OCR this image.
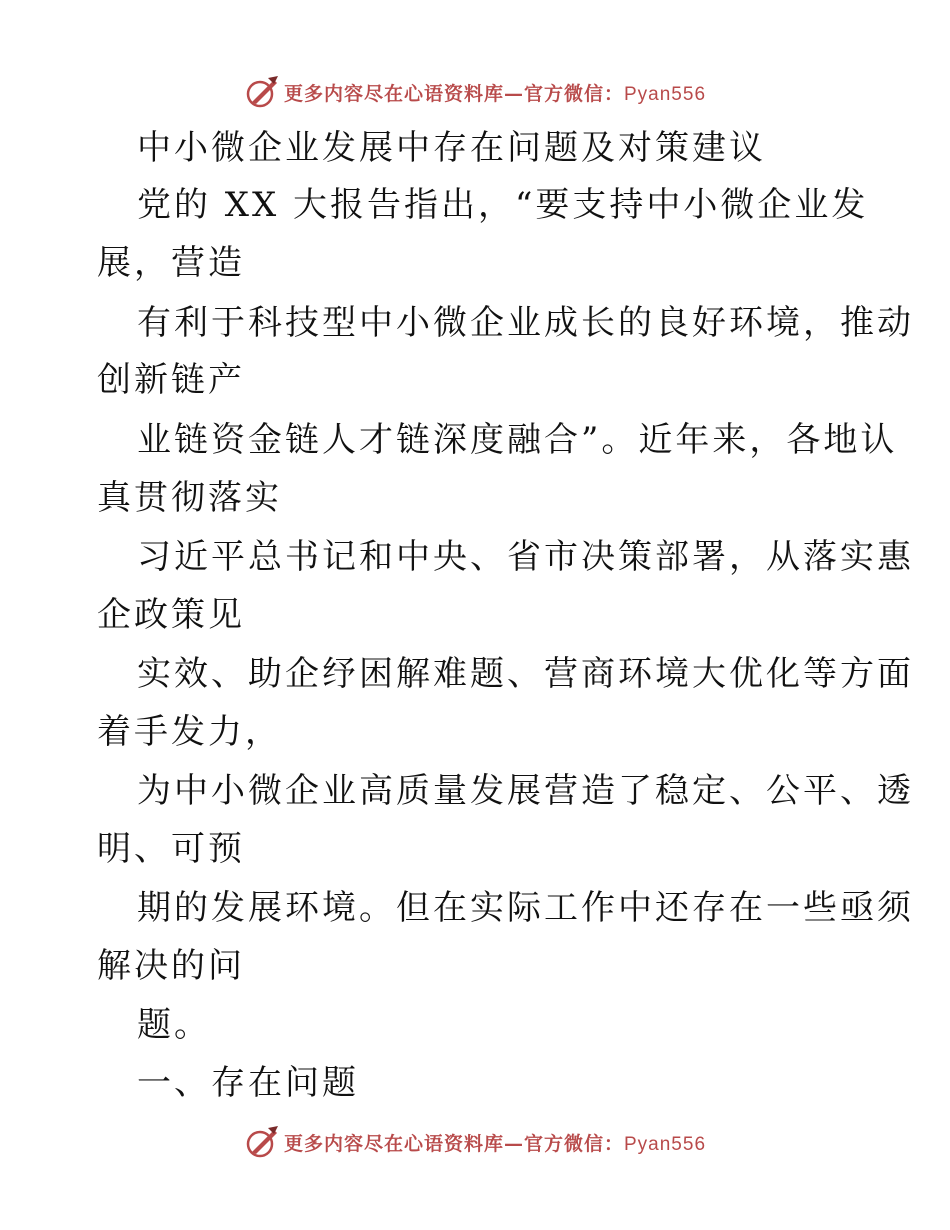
更多内容尽在心语资料库—官方微信：Pyan556
中小微企业发展中存在问题及对策建议
党的 XX 大报告指出，“要支持中小微企业发
展，营造
有利于科技型中小微企业成长的良好环境，推动
创新链产
业链资金链人才链深度融合”。近年来，各地认
真贯彻落实
习近平总书记和中央、省市决策部署，从落实惠
企政策见
实效、助企纾困解难题、营商环境大优化等方面
着手发力，
为中小微企业高质量发展营造了稳定、公平、透
明、可预
期的发展环境。但在实际工作中还存在一些亟须
解决的问
题。
一、存在问题
更多内容尽在心语资料库—官方微信：Pyan556
